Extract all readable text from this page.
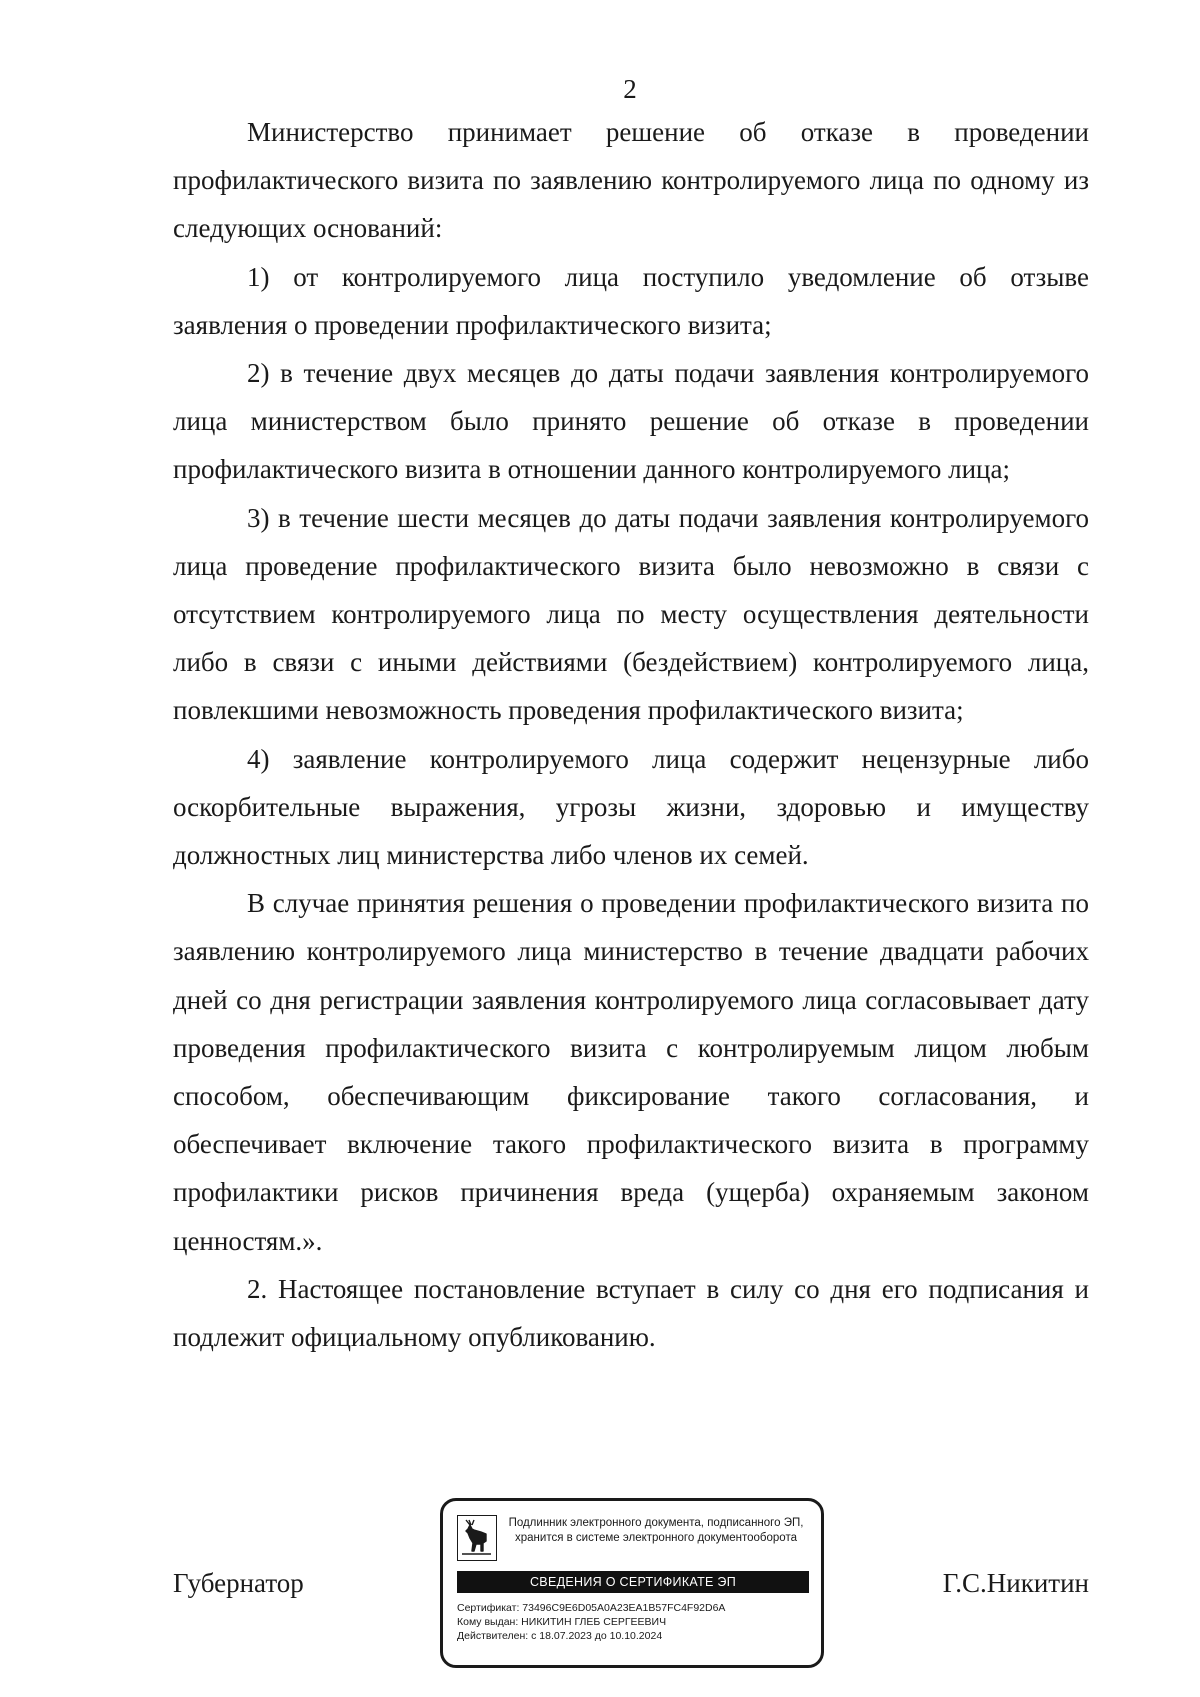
2

Министерство принимает решение об отказе в проведении профилактического визита по заявлению контролируемого лица по одному из следующих оснований:

1) от контролируемого лица поступило уведомление об отзыве заявления о проведении профилактического визита;

2) в течение двух месяцев до даты подачи заявления контролируемого лица министерством было принято решение об отказе в проведении профилактического визита в отношении данного контролируемого лица;

3) в течение шести месяцев до даты подачи заявления контролируемого лица проведение профилактического визита было невозможно в связи с отсутствием контролируемого лица по месту осуществления деятельности либо в связи с иными действиями (бездействием) контролируемого лица, повлекшими невозможность проведения профилактического визита;

4) заявление контролируемого лица содержит нецензурные либо оскорбительные выражения, угрозы жизни, здоровью и имуществу должностных лиц министерства либо членов их семей.

В случае принятия решения о проведении профилактического визита по заявлению контролируемого лица министерство в течение двадцати рабочих дней со дня регистрации заявления контролируемого лица согласовывает дату проведения профилактического визита с контролируемым лицом любым способом, обеспечивающим фиксирование такого согласования, и обеспечивает включение такого профилактического визита в программу профилактики рисков причинения вреда (ущерба) охраняемым законом ценностям.».

2. Настоящее постановление вступает в силу со дня его подписания и подлежит официальному опубликованию.

Губернатор	Г.С.Никитин
Подлинник электронного документа, подписанного ЭП,
хранится в системе электронного документооборота
СВЕДЕНИЯ О СЕРТИФИКАТЕ ЭП
Сертификат: 73496C9E6D05A0A23EA1B57FC4F92D6A
Кому выдан: НИКИТИН ГЛЕБ СЕРГЕЕВИЧ
Действителен: с 18.07.2023 до 10.10.2024
